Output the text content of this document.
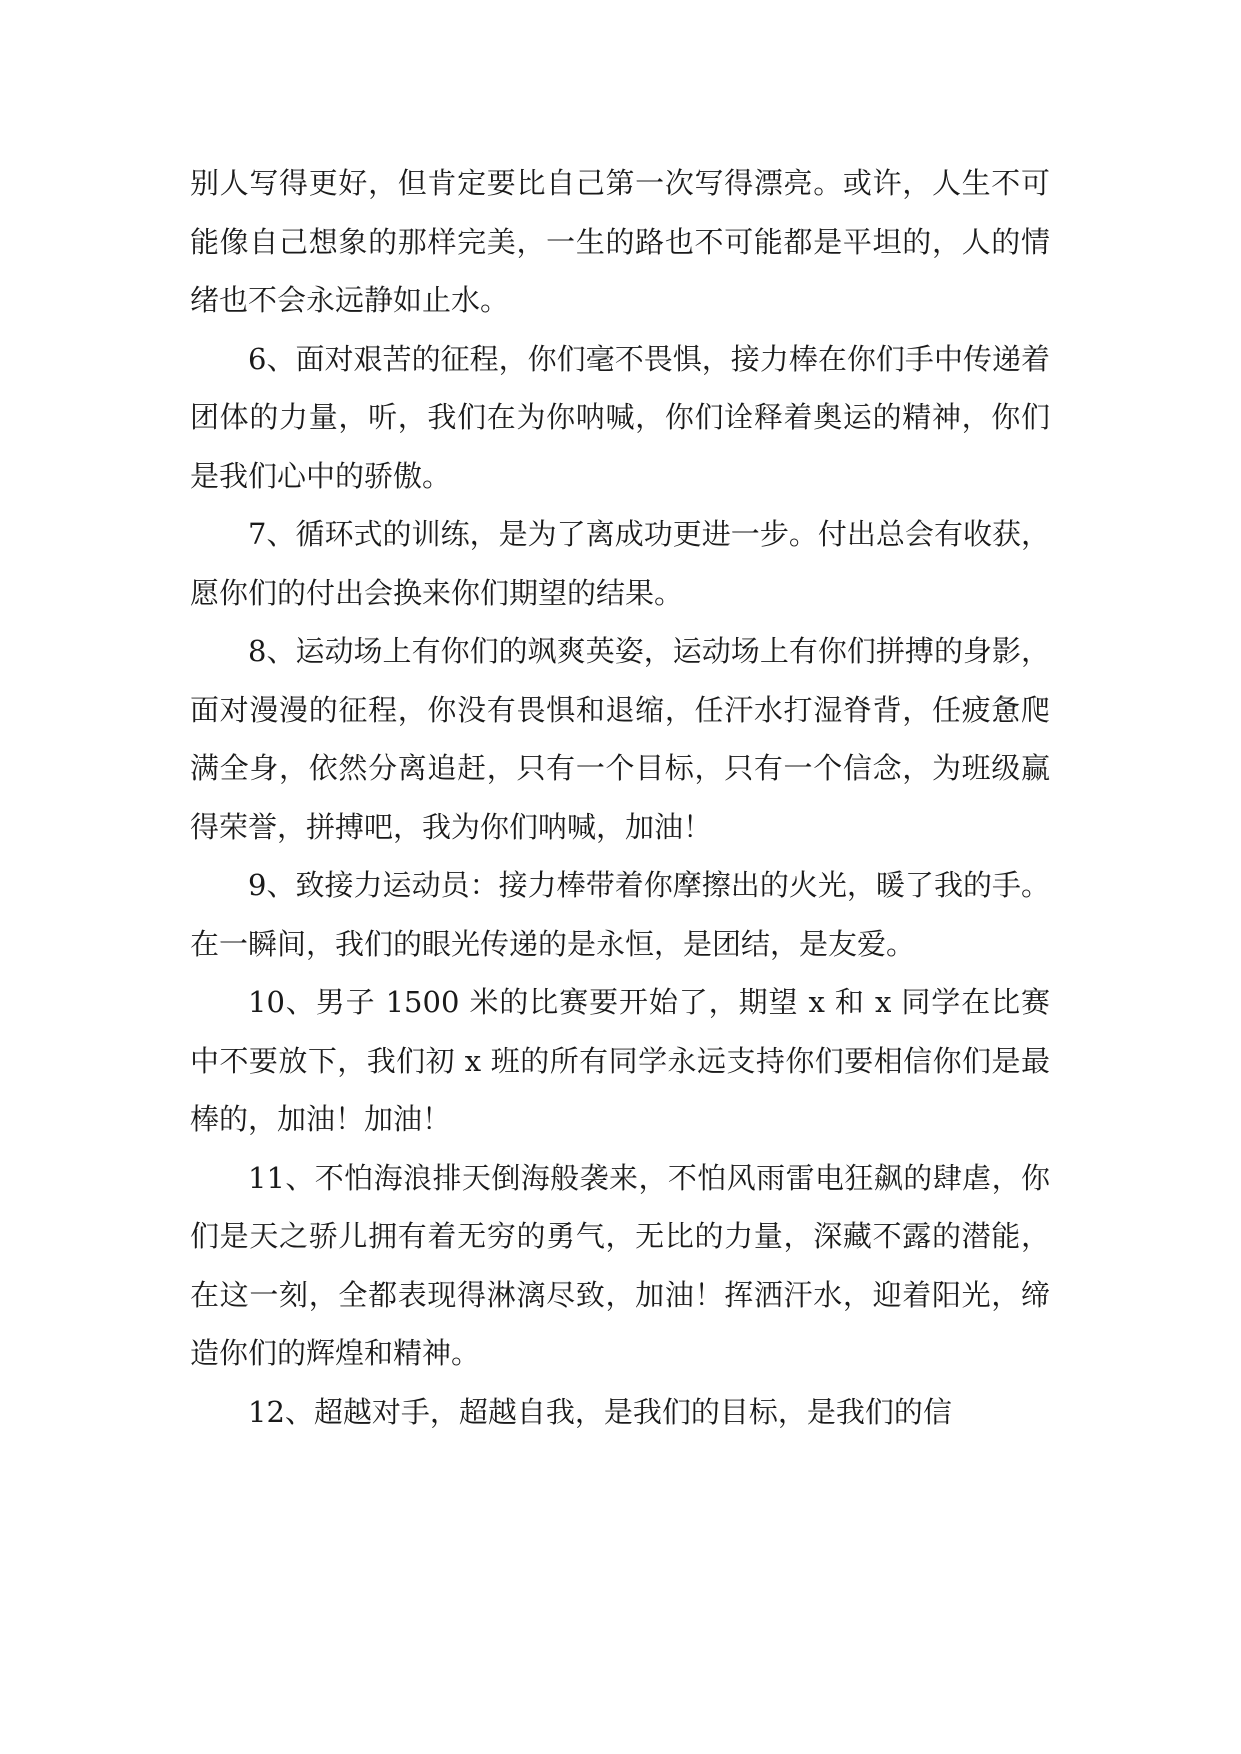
别人写得更好，但肯定要比自己第一次写得漂亮。或许，人生不可能像自己想象的那样完美，一生的路也不可能都是平坦的，人的情绪也不会永远静如止水。

6、面对艰苦的征程，你们毫不畏惧，接力棒在你们手中传递着团体的力量，听，我们在为你呐喊，你们诠释着奥运的精神，你们是我们心中的骄傲。

7、循环式的训练，是为了离成功更进一步。付出总会有收获，愿你们的付出会换来你们期望的结果。

8、运动场上有你们的飒爽英姿，运动场上有你们拼搏的身影，面对漫漫的征程，你没有畏惧和退缩，任汗水打湿脊背，任疲惫爬满全身，依然分离追赶，只有一个目标，只有一个信念，为班级赢得荣誉，拼搏吧，我为你们呐喊，加油！

9、致接力运动员：接力棒带着你摩擦出的火光，暖了我的手。在一瞬间，我们的眼光传递的是永恒，是团结，是友爱。

10、男子 1500 米的比赛要开始了，期望 x 和 x 同学在比赛中不要放下，我们初 x 班的所有同学永远支持你们要相信你们是最棒的，加油！加油！

11、不怕海浪排天倒海般袭来，不怕风雨雷电狂飙的肆虐，你们是天之骄儿拥有着无穷的勇气，无比的力量，深藏不露的潜能，在这一刻，全都表现得淋漓尽致，加油！挥洒汗水，迎着阳光，缔造你们的辉煌和精神。

12、超越对手，超越自我，是我们的目标，是我们的信
